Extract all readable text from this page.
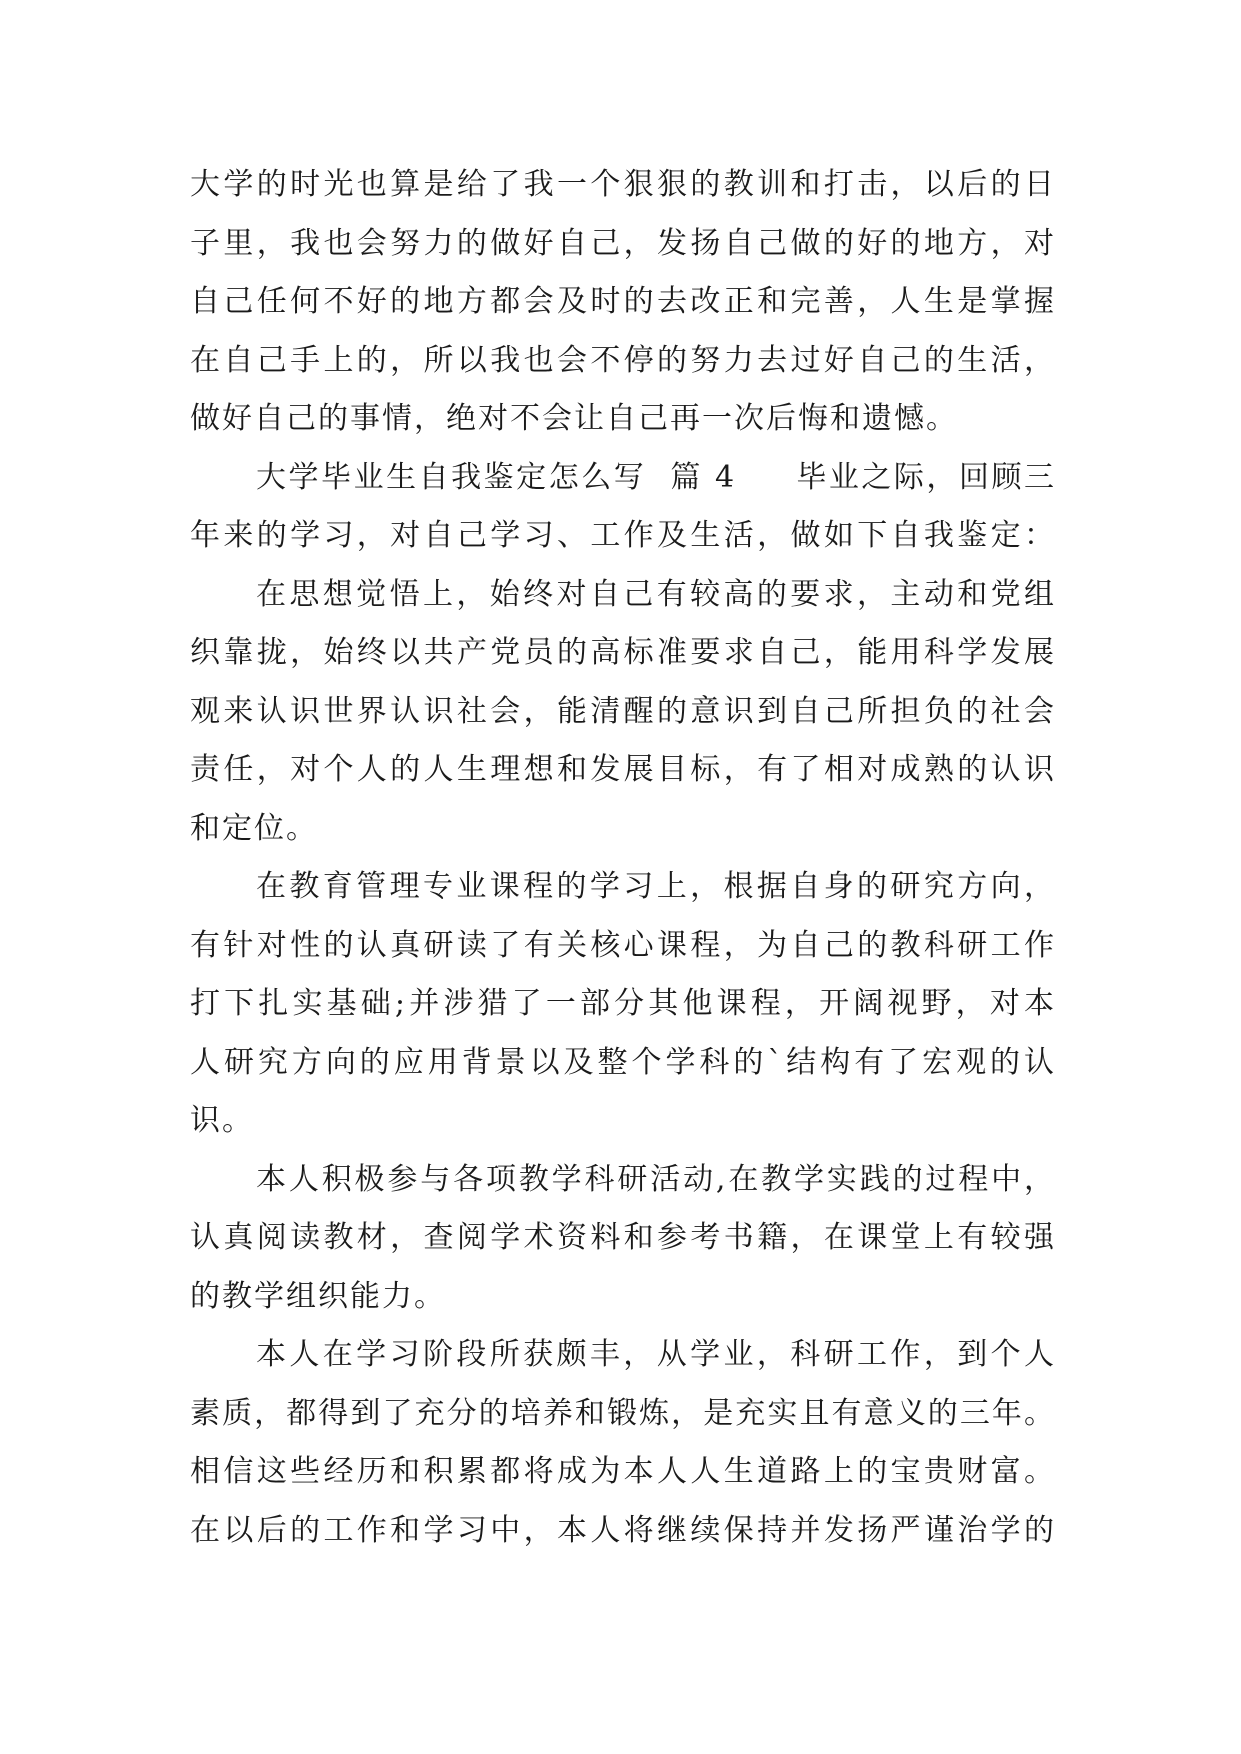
大学的时光也算是给了我一个狠狠的教训和打击，以后的日
子里，我也会努力的做好自己，发扬自己做的好的地方，对
自己任何不好的地方都会及时的去改正和完善，人生是掌握
在自己手上的，所以我也会不停的努力去过好自己的生活，
做好自己的事情，绝对不会让自己再一次后悔和遗憾。
大学毕业生自我鉴定怎么写  篇 4     毕业之际，回顾三
年来的学习，对自己学习、工作及生活，做如下自我鉴定：
在思想觉悟上，始终对自己有较高的要求，主动和党组
织靠拢，始终以共产党员的高标准要求自己，能用科学发展
观来认识世界认识社会，能清醒的意识到自己所担负的社会
责任，对个人的人生理想和发展目标，有了相对成熟的认识
和定位。
在教育管理专业课程的学习上，根据自身的研究方向，
有针对性的认真研读了有关核心课程，为自己的教科研工作
打下扎实基础;并涉猎了一部分其他课程，开阔视野，对本
人研究方向的应用背景以及整个学科的`结构有了宏观的认
识。
本人积极参与各项教学科研活动,在教学实践的过程中，
认真阅读教材，查阅学术资料和参考书籍，在课堂上有较强
的教学组织能力。
本人在学习阶段所获颇丰，从学业，科研工作，到个人
素质，都得到了充分的培养和锻炼，是充实且有意义的三年。
相信这些经历和积累都将成为本人人生道路上的宝贵财富。
在以后的工作和学习中，本人将继续保持并发扬严谨治学的
